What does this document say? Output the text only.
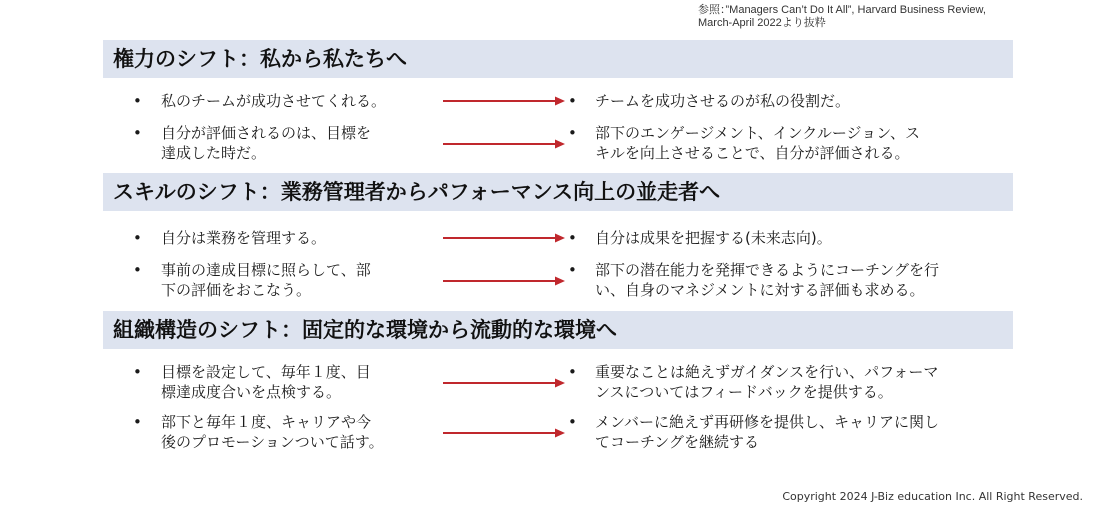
参照：”Managers Can’t Do It All”, Harvard Business Review,
March-April 2022より抜粋
権力のシフト：私から私たちへ
• 私のチームが成功させてくれる。	• チームを成功させるのが私の役割だ。
• 自分が評価されるのは、目標を
達成した時だ。
• 部下のエンゲージメント、インクルージョン、ス
キルを向上させることで、自分が評価される。
スキルのシフト：業務管理者からパフォーマンス向上の並走者へ
• 自分は業務を管理する。	• 自分は成果を把握する(未来志向)。
• 事前の達成目標に照らして、部
下の評価をおこなう。
• 部下の潜在能力を発揮できるようにコーチングを行
い、自身のマネジメントに対する評価も求める。
組織構造のシフト：固定的な環境から流動的な環境へ
• 目標を設定して、毎年１度、目
標達成度合いを点検する。
• 重要なことは絶えずガイダンスを行い、パフォーマ
ンスについてはフィードバックを提供する。
• 部下と毎年１度、キャリアや今
後のプロモーションついて話す。
• メンバーに絶えず再研修を提供し、キャリアに関し
てコーチングを継続する
Copyright 2024 J-Biz education Inc. All Right Reserved.
